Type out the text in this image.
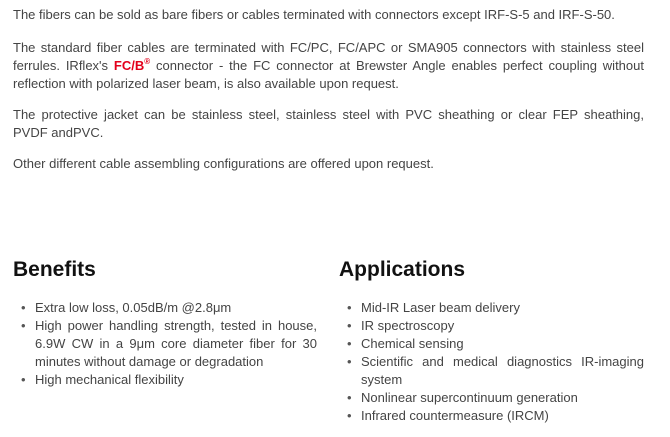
The fibers can be sold as bare fibers or cables terminated with connectors except IRF-S-5 and IRF-S-50.

The standard fiber cables are terminated with FC/PC, FC/APC or SMA905 connectors with stainless steel ferrules. IRflex's FC/B® connector - the FC connector at Brewster Angle enables perfect coupling without reflection with polarized laser beam, is also available upon request.

The protective jacket can be stainless steel, stainless steel with PVC sheathing or clear FEP sheathing, PVDF andPVC.

Other different cable assembling configurations are offered upon request.

Benefits
• Extra low loss, 0.05dB/m @2.8μm
• High power handling strength, tested in house, 6.9W CW in a 9μm core diameter fiber for 30 minutes without damage or degradation
• High mechanical flexibility
Applications
• Mid-IR Laser beam delivery
• IR spectroscopy
• Chemical sensing
• Scientific and medical diagnostics IR-imaging system
• Nonlinear supercontinuum generation
• Infrared countermeasure (IRCM)
